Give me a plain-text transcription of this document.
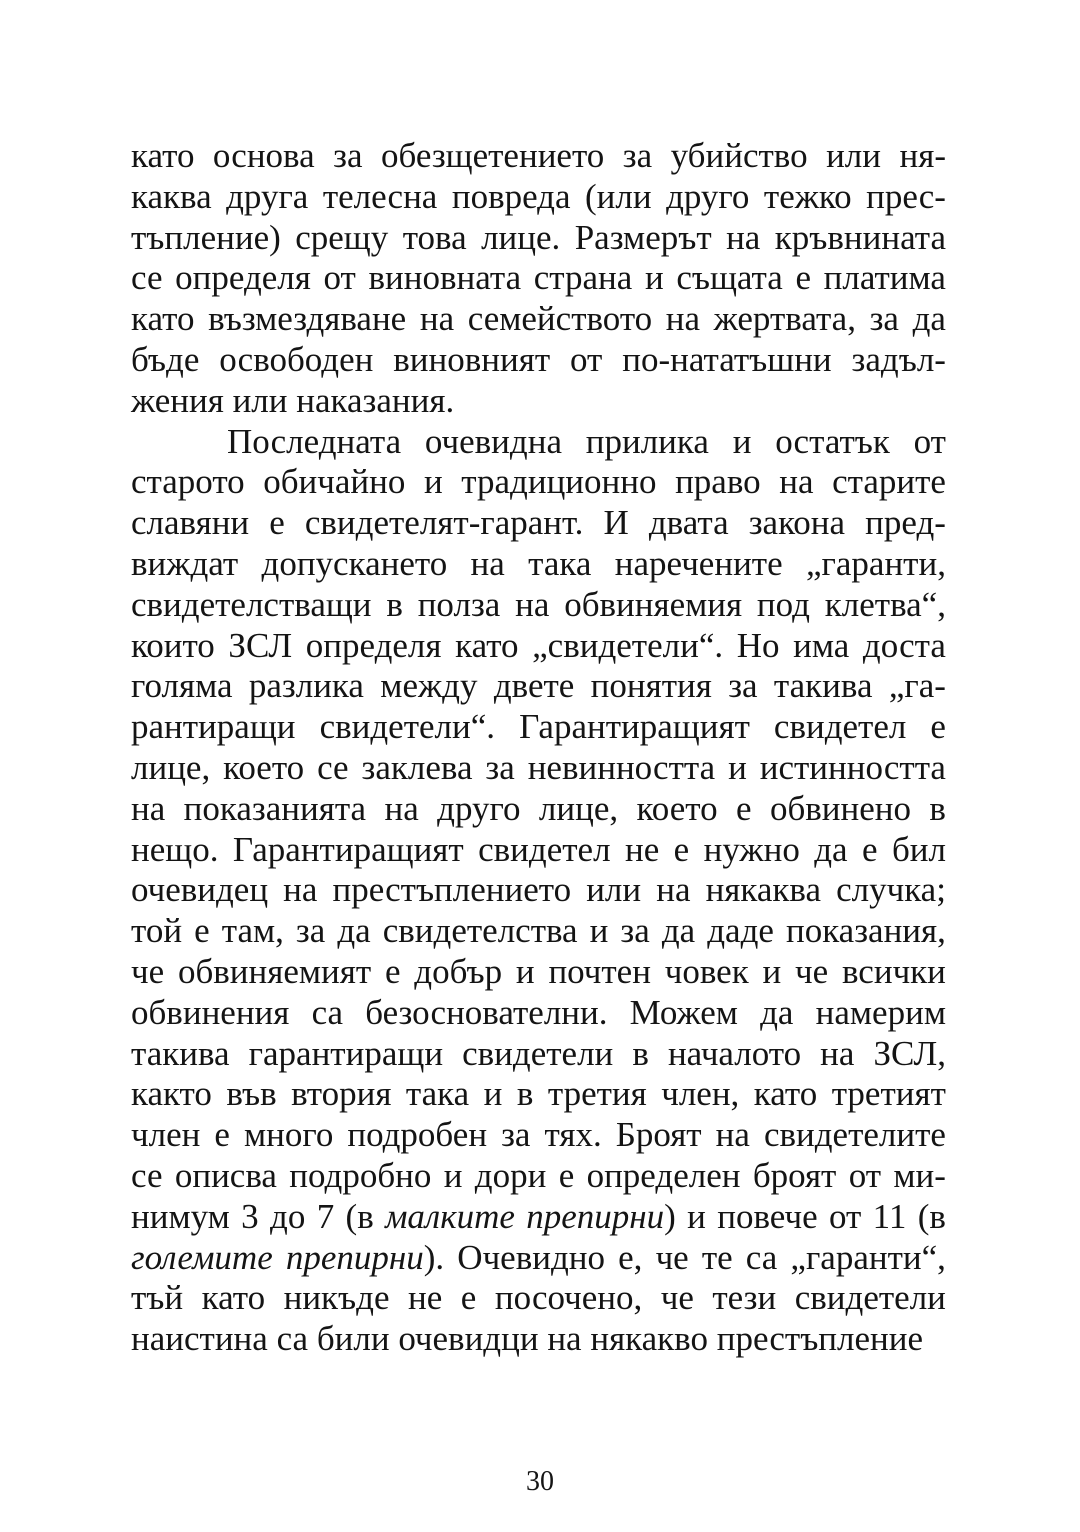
като основа за обезщетението за убийство или ня-
каква друга телесна повреда (или друго тежко прес-
тъпление) срещу това лице. Размерът на кръвнината
се определя от виновната страна и същата е платима
като възмездяване на семейството на жертвата, за да
бъде освободен виновният от по-нататъшни задъл-
жения или наказания.
Последната очевидна прилика и остатък от
старото обичайно и традиционно право на старите
славяни е свидетелят-гарант. И двата закона пред-
виждат допускането на така наречените „гаранти,
свидетелстващи в полза на обвиняемия под клетва“,
които ЗСЛ определя като „свидетели“. Но има доста
голяма разлика между двете понятия за такива „га-
рантиращи свидетели“. Гарантиращият свидетел е
лице, което се заклева за невинността и истинността
на показанията на друго лице, което е обвинено в
нещо. Гарантиращият свидетел не е нужно да е бил
очевидец на престъплението или на някаква случка;
той е там, за да свидетелства и за да даде показания,
че обвиняемият е добър и почтен човек и че всички
обвинения са безоснователни. Можем да намерим
такива гарантиращи свидетели в началото на ЗСЛ,
както във втория така и в третия член, като третият
член е много подробен за тях. Броят на свидетелите
се описва подробно и дори е определен броят от ми-
нимум 3 до 7 (в малките препирни) и повече от 11 (в
големите препирни). Очевидно е, че те са „гаранти“,
тъй като никъде не е посочено, че тези свидетели
наистина са били очевидци на някакво престъпление
30
